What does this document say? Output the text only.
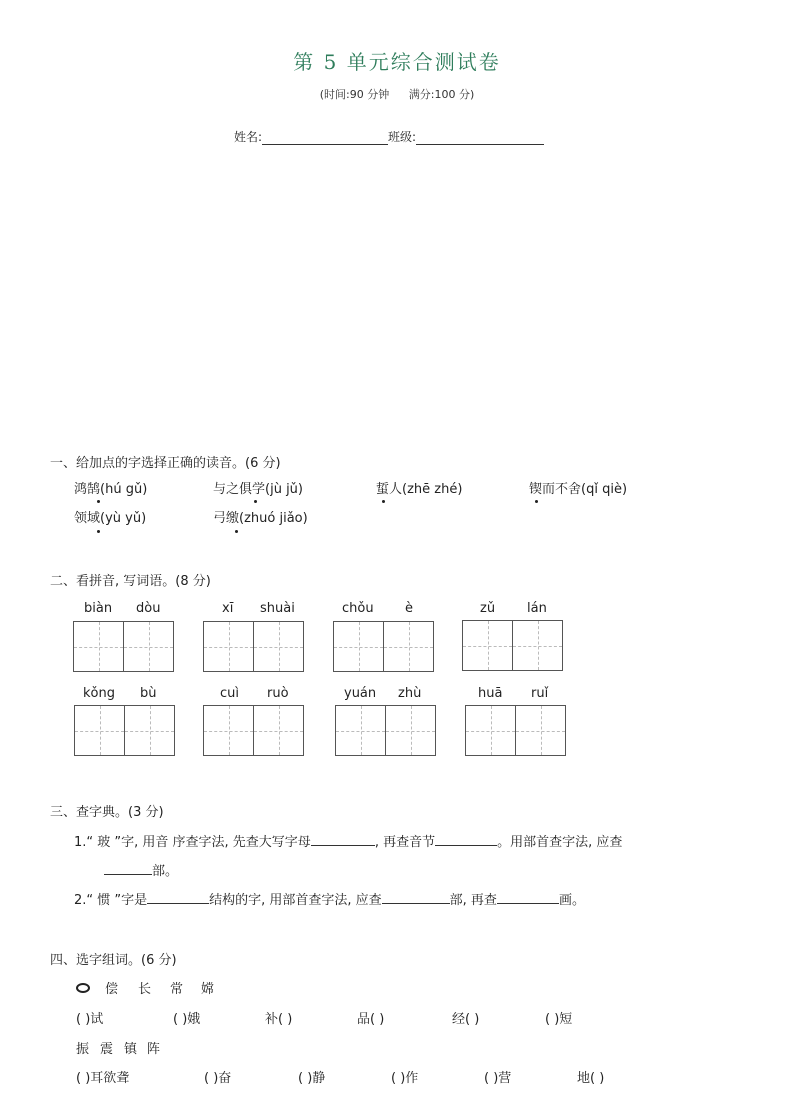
第 5 单元综合测试卷
(时间:90 分钟 满分:100 分)
姓名:	班级:
一、给加点的字选择正确的读音。(6 分)
鸿鹄(hú gǔ)	与之俱学(jù jǔ)	蜇人(zhē zhé)	锲而不舍(qǐ qiè)
领域(yù yǔ)	弓缴(zhuó jiǎo)
二、看拼音, 写词语。(8 分)
biàn dòu	xī shuài	chǒu è	zǔ lán
kǒng bù	cuì ruò	yuán zhù	huā ruǐ
三、查字典。(3 分)
1.“ 玻 ”字, 用音 序查字法, 先查大写字母	, 再查音节	。用部首查字法, 应查
部。
2.“ 惯 ”字是	结构的字, 用部首查字法, 应查	部, 再查	画。
四、选字组词。(6 分)
偿 长 常 嫦
( )试	( )娥	补( )	品( )	经( )	( )短
振 震 镇 阵
( )耳欲聋	( )奋	( )静	( )作	( )营	地( )
